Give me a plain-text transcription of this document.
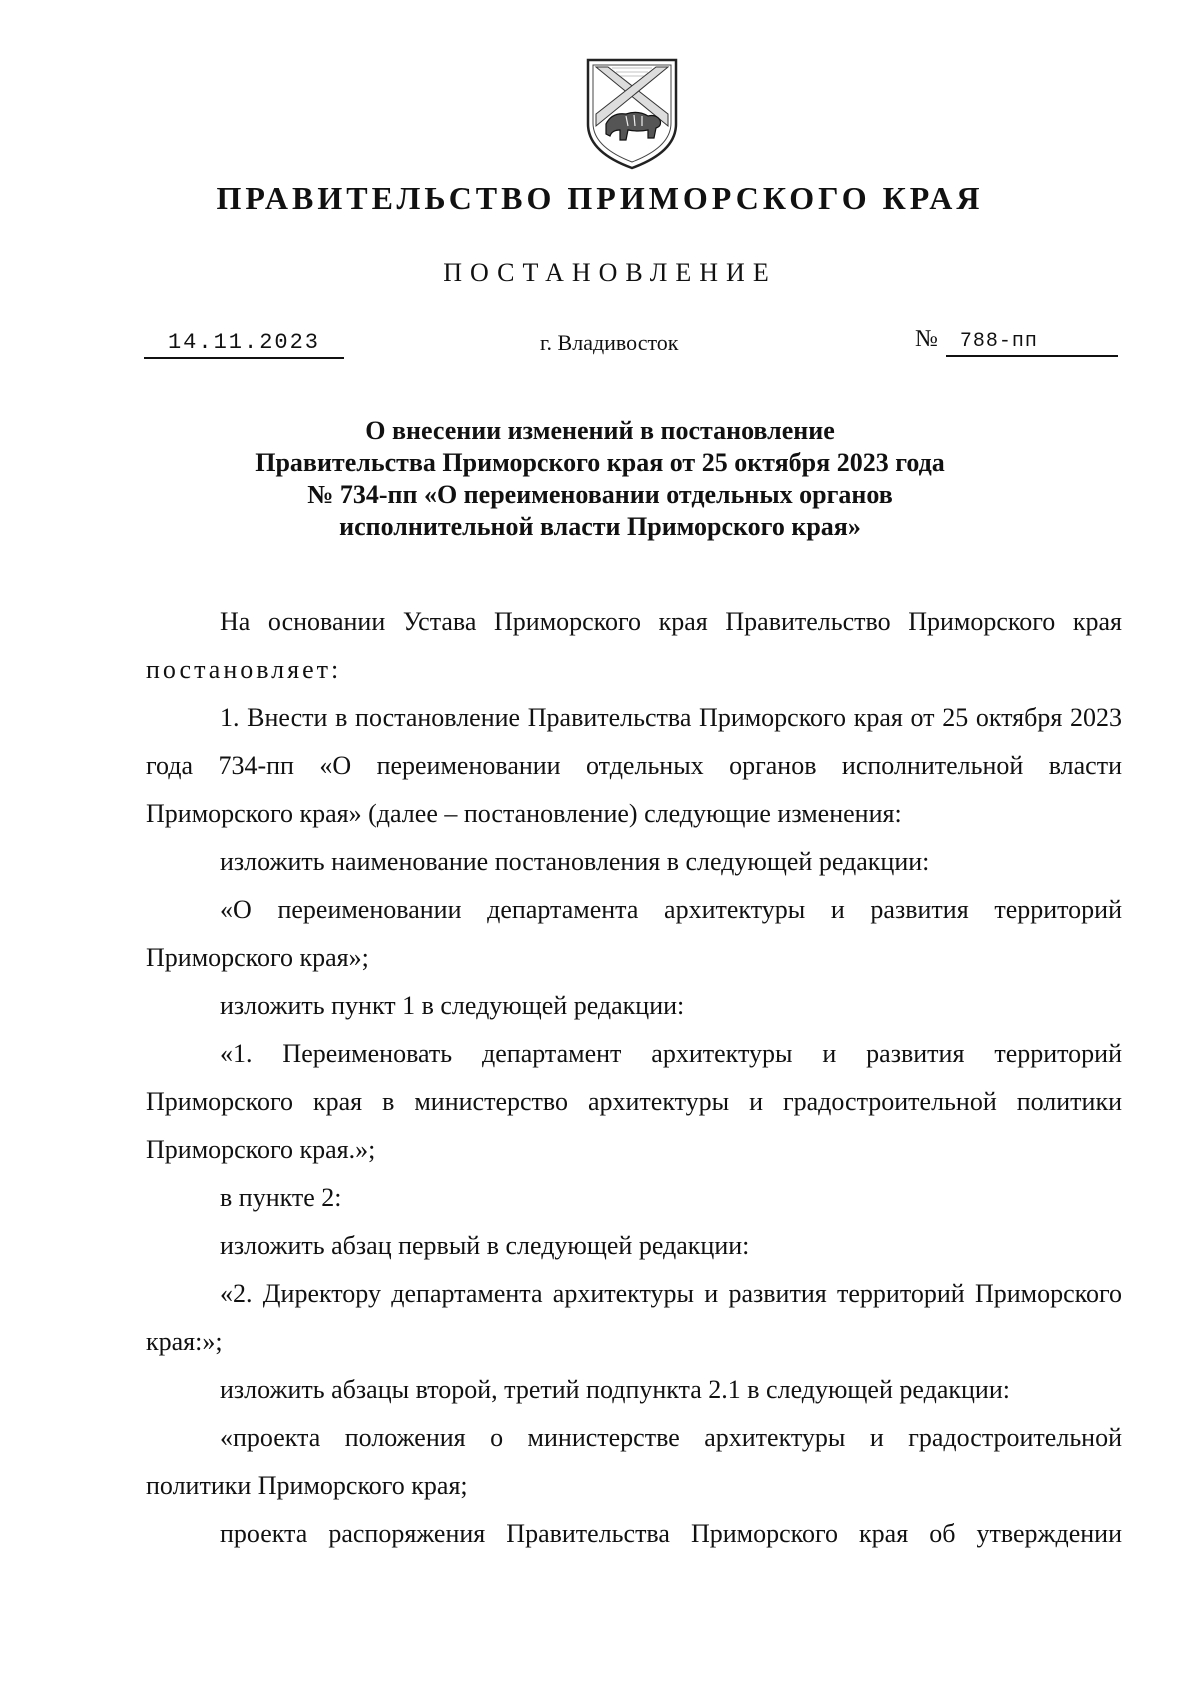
ПРАВИТЕЛЬСТВО ПРИМОРСКОГО КРАЯ
ПОСТАНОВЛЕНИЕ
14.11.2023	г. Владивосток	№ 788-пп
О внесении изменений в постановление
Правительства Приморского края от 25 октября 2023 года
№ 734-пп «О переименовании отдельных органов
исполнительной власти Приморского края»

На основании Устава Приморского края Правительство Приморского края постановляет:

1. Внести в постановление Правительства Приморского края от 25 октября 2023 года 734-пп «О переименовании отдельных органов исполнительной власти Приморского края» (далее – постановление) следующие изменения:

изложить наименование постановления в следующей редакции:

«О переименовании департамента архитектуры и развития территорий Приморского края»;

изложить пункт 1 в следующей редакции:

«1. Переименовать департамент архитектуры и развития территорий Приморского края в министерство архитектуры и градостроительной политики Приморского края.»;

в пункте 2:

изложить абзац первый в следующей редакции:

«2. Директору департамента архитектуры и развития территорий Приморского края:»;

изложить абзацы второй, третий подпункта 2.1 в следующей редакции:

«проекта положения о министерстве архитектуры и градостроительной политики Приморского края;

проекта распоряжения Правительства Приморского края об утверждении
